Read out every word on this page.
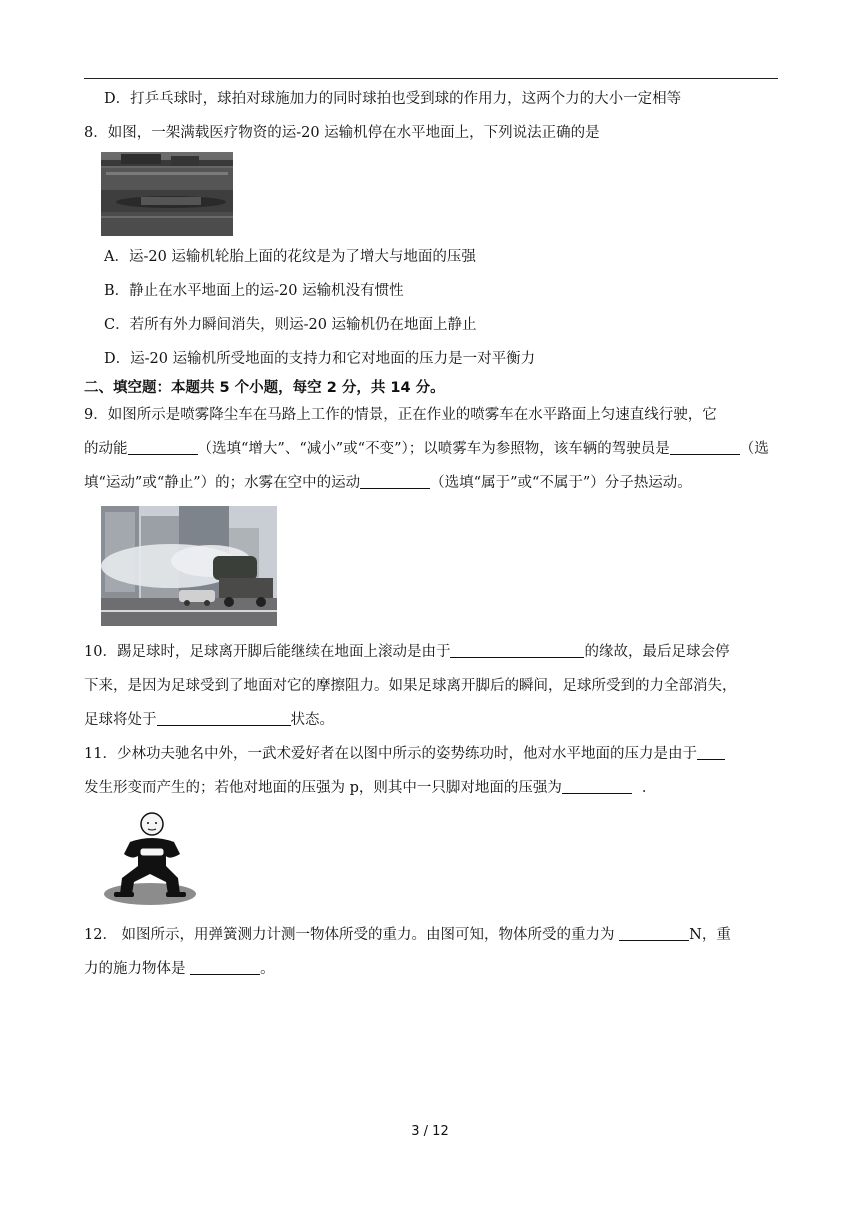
D．打乒乓球时，球拍对球施加力的同时球拍也受到球的作用力，这两个力的大小一定相等
8．如图，一架满载医疗物资的运-20 运输机停在水平地面上，下列说法正确的是
A．运-20 运输机轮胎上面的花纹是为了增大与地面的压强
B．静止在水平地面上的运-20 运输机没有惯性
C．若所有外力瞬间消失，则运-20 运输机仍在地面上静止
D．运-20 运输机所受地面的支持力和它对地面的压力是一对平衡力
二、填空题：本题共 5 个小题，每空 2 分，共 14 分。
9．如图所示是喷雾降尘车在马路上工作的情景，正在作业的喷雾车在水平路面上匀速直线行驶，它
的动能	（选填“增大”、“减小”或“不变”）；以喷雾车为参照物，该车辆的驾驶员是	（选
填“运动”或“静止”）的；水雾在空中的运动	（选填“属于”或“不属于”）分子热运动。
10．踢足球时，足球离开脚后能继续在地面上滚动是由于	的缘故，最后足球会停
下来，是因为足球受到了地面对它的摩擦阻力。如果足球离开脚后的瞬间，足球所受到的力全部消失，
足球将处于	状态。
11．少林功夫驰名中外，一武术爱好者在以图中所示的姿势练功时，他对水平地面的压力是由于
发生形变而产生的；若他对地面的压强为 p，则其中一只脚对地面的压强为	．
12． 如图所示，用弹簧测力计测一物体所受的重力。由图可知，物体所受的重力为	N，重
力的施力物体是	。
3 / 12
